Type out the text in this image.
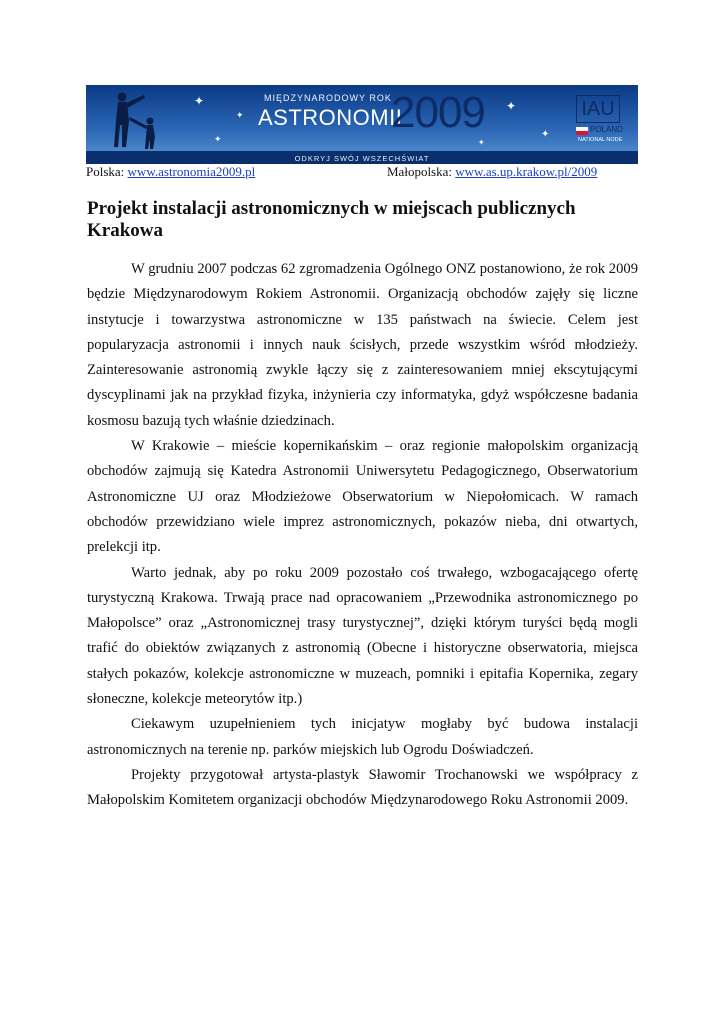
✦
✦
✦
✦
✦
✦
MIĘDZYNARODOWY ROK
ASTRONOMII
2009	IAU
POLAND
NATIONAL NODE
ODKRYJ SWÓJ WSZECHŚWIAT
Polska: www.astronomia2009.pl	Małopolska: www.as.up.krakow.pl/2009
Projekt instalacji astronomicznych w miejscach publicznych Krakowa

W grudniu 2007 podczas 62 zgromadzenia Ogólnego ONZ postanowiono, że rok 2009 będzie Międzynarodowym Rokiem Astronomii. Organizacją obchodów zajęły się liczne instytucje i towarzystwa astronomiczne w 135 państwach na świecie. Celem jest popularyzacja astronomii i innych nauk ścisłych, przede wszystkim wśród młodzieży. Zainteresowanie astronomią zwykle łączy się z zainteresowaniem mniej ekscytującymi dyscyplinami jak na przykład fizyka, inżynieria czy informatyka, gdyż współczesne badania kosmosu bazują tych właśnie dziedzinach.

W Krakowie – mieście kopernikańskim – oraz regionie małopolskim organizacją obchodów zajmują się Katedra Astronomii Uniwersytetu Pedagogicznego, Obserwatorium Astronomiczne UJ oraz Młodzieżowe Obserwatorium w Niepołomicach. W ramach obchodów przewidziano wiele imprez astronomicznych, pokazów nieba, dni otwartych, prelekcji itp.

Warto jednak, aby po roku 2009 pozostało coś trwałego, wzbogacającego ofertę turystyczną Krakowa. Trwają prace nad opracowaniem „Przewodnika astronomicznego po Małopolsce” oraz „Astronomicznej trasy turystycznej”, dzięki którym turyści będą mogli trafić do obiektów związanych z astronomią (Obecne i historyczne obserwatoria, miejsca stałych pokazów, kolekcje astronomiczne w muzeach, pomniki i epitafia Kopernika, zegary słoneczne, kolekcje meteorytów itp.)

Ciekawym uzupełnieniem tych inicjatyw mogłaby być budowa instalacji astronomicznych na terenie np. parków miejskich lub Ogrodu Doświadczeń.

Projekty przygotował artysta-plastyk Sławomir Trochanowski we współpracy z Małopolskim Komitetem organizacji obchodów Międzynarodowego Roku Astronomii 2009.
